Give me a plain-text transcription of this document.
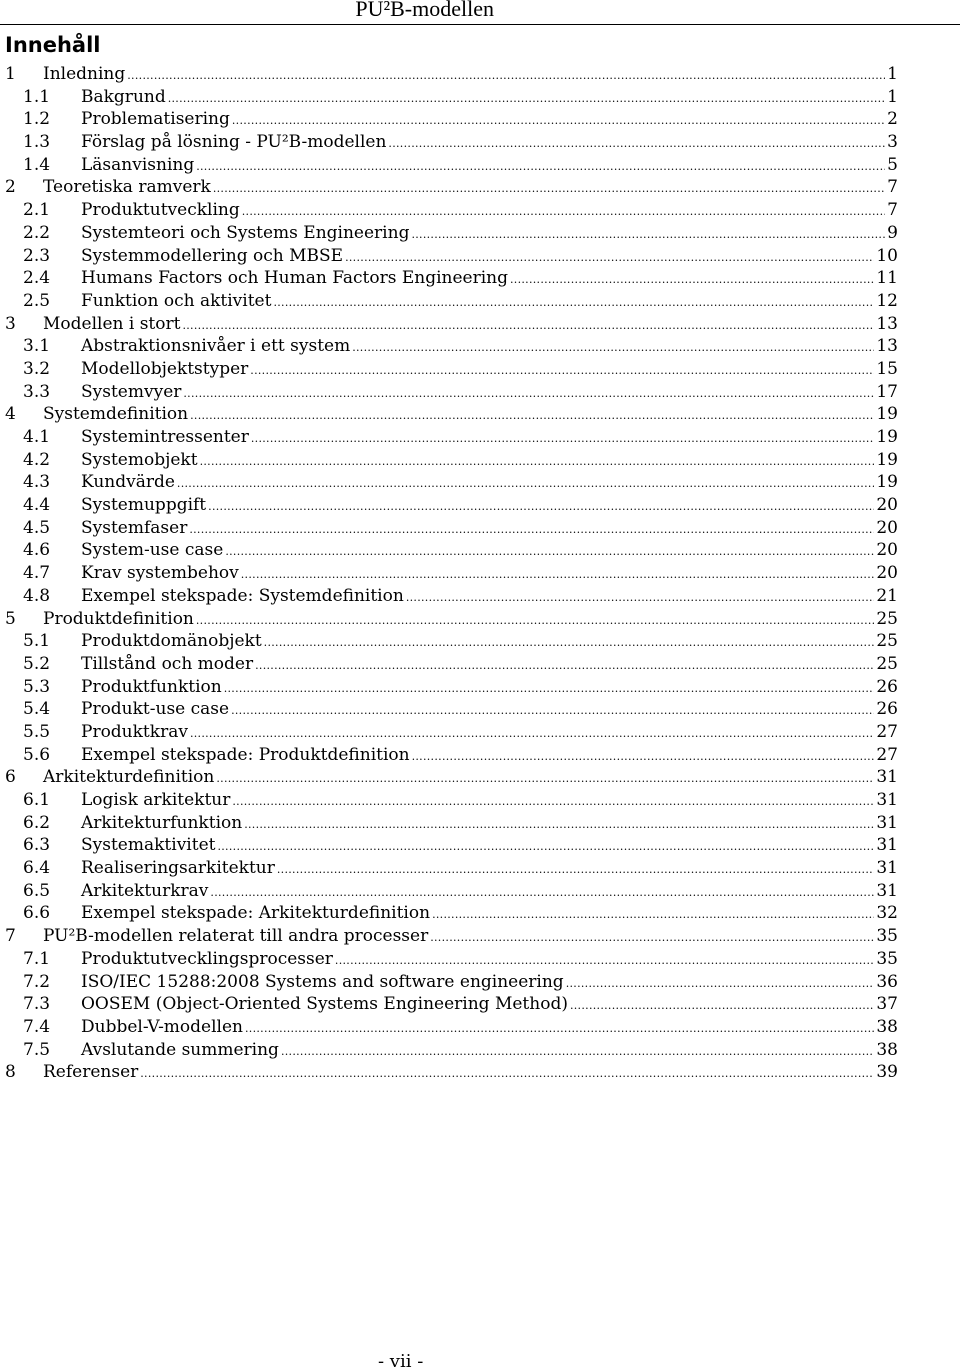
PU²B-modellen
Innehåll
1	Inledning .....	1
1.1	Bakgrund .....	1
1.2	Problematisering .....	2
1.3	Förslag på lösning - PU²B-modellen .....	3
1.4	Läsanvisning .....	5
2	Teoretiska ramverk .....	7
2.1	Produktutveckling .....	7
2.2	Systemteori och Systems Engineering .....	9
2.3	Systemmodellering och MBSE .....	10
2.4	Humans Factors och Human Factors Engineering .....	11
2.5	Funktion och aktivitet .....	12
3	Modellen i stort .....	13
3.1	Abstraktionsnivåer i ett system .....	13
3.2	Modellobjektstyper .....	15
3.3	Systemvyer .....	17
4	Systemdefinition .....	19
4.1	Systemintressenter .....	19
4.2	Systemobjekt .....	19
4.3	Kundvärde .....	19
4.4	Systemuppgift .....	20
4.5	Systemfaser .....	20
4.6	System-use case .....	20
4.7	Krav systembehov .....	20
4.8	Exempel stekspade: Systemdefinition .....	21
5	Produktdefinition .....	25
5.1	Produktdomänobjekt .....	25
5.2	Tillstånd och moder .....	25
5.3	Produktfunktion .....	26
5.4	Produkt-use case .....	26
5.5	Produktkrav .....	27
5.6	Exempel stekspade: Produktdefinition .....	27
6	Arkitekturdefinition .....	31
6.1	Logisk arkitektur .....	31
6.2	Arkitekturfunktion .....	31
6.3	Systemaktivitet .....	31
6.4	Realiseringsarkitektur .....	31
6.5	Arkitekturkrav .....	31
6.6	Exempel stekspade: Arkitekturdefinition .....	32
7	PU²B-modellen relaterat till andra processer .....	35
7.1	Produktutvecklingsprocesser .....	35
7.2	ISO/IEC 15288:2008 Systems and software engineering .....	36
7.3	OOSEM (Object-Oriented Systems Engineering Method) .....	37
7.4	Dubbel-V-modellen .....	38
7.5	Avslutande summering .....	38
8	Referenser .....	39
- vii -
